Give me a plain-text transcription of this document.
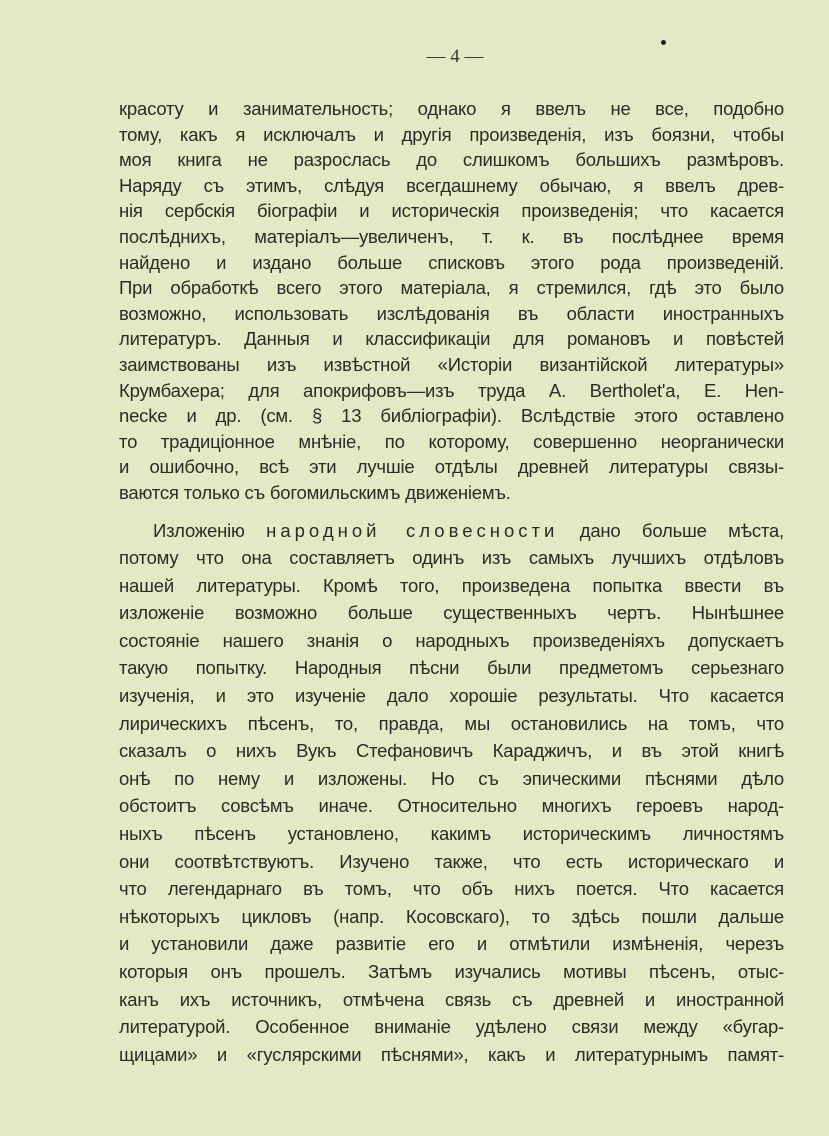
— 4 —
красоту и занимательность; однако я ввелъ не все, подобно
тому, какъ я исключалъ и другія произведенія, изъ боязни, чтобы
моя книга не разрослась до слишкомъ большихъ размѣровъ.
Наряду съ этимъ, слѣдуя всегдашнему обычаю, я ввелъ древ-
нія сербскія біографіи и историческія произведенія; что касается
послѣднихъ, матеріалъ—увеличенъ, т. к. въ послѣднее время
найдено и издано больше списковъ этого рода произведеній.
При обработкѣ всего этого матеріала, я стремился, гдѣ это было
возможно, использовать изслѣдованія въ области иностранныхъ
литературъ. Данныя и классификаціи для романовъ и повѣстей
заимствованы изъ извѣстной «Исторіи византійской литературы»
Крумбахера; для апокрифовъ—изъ труда A. Bertholet'a, E. Hen-
necke и др. (см. § 13 библіографіи). Вслѣдствіе этого оставлено
то традиціонное мнѣніе, по которому, совершенно неорганически
и ошибочно, всѣ эти лучшіе отдѣлы древней литературы связы-
ваются только съ богомильскимъ движеніемъ.
Изложенію народной словесности дано больше мѣста,
потому что она составляетъ одинъ изъ самыхъ лучшихъ отдѣловъ
нашей литературы. Кромѣ того, произведена попытка ввести въ
изложеніе возможно больше существенныхъ чертъ. Нынѣшнее
состояніе нашего знанія о народныхъ произведеніяхъ допускаетъ
такую попытку. Народныя пѣсни были предметомъ серьезнаго
изученія, и это изученіе дало хорошіе результаты. Что касается
лирическихъ пѣсенъ, то, правда, мы остановились на томъ, что
сказалъ о нихъ Вукъ Стефановичъ Караджичъ, и въ этой книгѣ
онѣ по нему и изложены. Но съ эпическими пѣснями дѣло
обстоитъ совсѣмъ иначе. Относительно многихъ героевъ народ-
ныхъ пѣсенъ установлено, какимъ историческимъ личностямъ
они соотвѣтствуютъ. Изучено также, что есть историческаго и
что легендарнаго въ томъ, что объ нихъ поется. Что касается
нѣкоторыхъ цикловъ (напр. Косовскаго), то здѣсь пошли дальше
и установили даже развитіе его и отмѣтили измѣненія, черезъ
которыя онъ прошелъ. Затѣмъ изучались мотивы пѣсенъ, отыс-
канъ ихъ источникъ, отмѣчена связь съ древней и иностранной
литературой. Особенное вниманіе удѣлено связи между «бугар-
щицами» и «гуслярскими пѣснями», какъ и литературнымъ памят-
